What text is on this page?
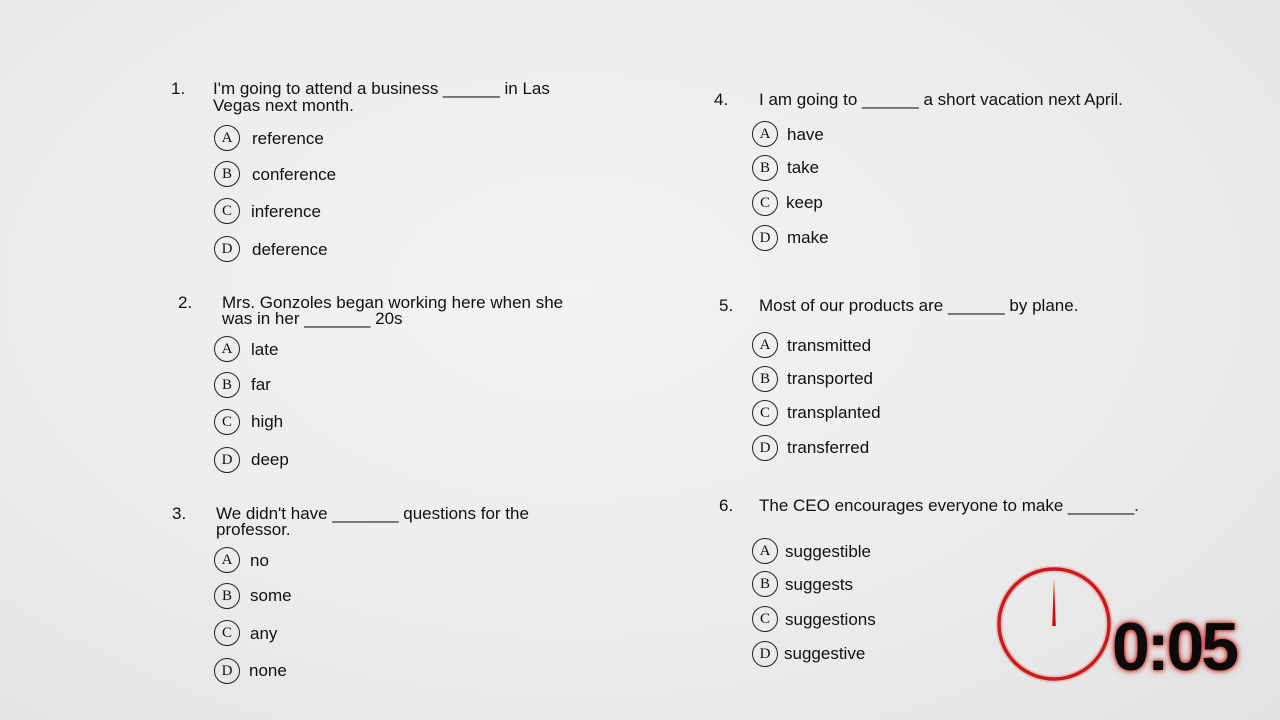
1. I'm going to attend a business ______ in Las
Vegas next month.
A	reference
B	conference
C	inference
D	deference
2. Mrs. Gonzoles began working here when she
was in her _______ 20s
A	late
B	far
C	high
D	deep
3. We didn't have _______ questions for the
professor.
A	no
B	some
C	any
D none
4. I am going to ______ a short vacation next April.
A have
B	take
C keep
D make
5. Most of our products are ______ by plane.
A transmitted
B	transported
C	transplanted
D transferred
6. The CEO encourages everyone to make _______.
A suggestible
B suggests
C suggestions
D suggestive	0:05
